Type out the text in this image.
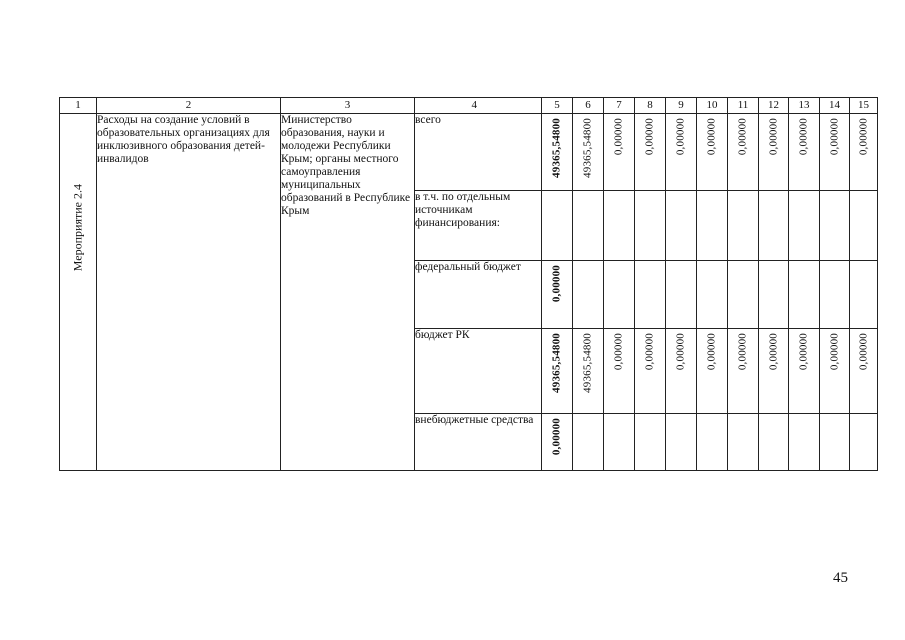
1	2	3	4	5	6	7	8	9	10	11	12	13	14	15

Мероприятие 2.4	Расходы на создание условий в образовательных организациях для инклюзивного образования детей-инвалидов	Министерство образования, науки и молодежи Республики Крым; органы местного самоуправления муниципальных образований в Республике Крым	всего	49365,54800	49365,54800	0,00000	0,00000	0,00000	0,00000	0,00000	0,00000	0,00000	0,00000	0,00000

			в т.ч. по отдельным источникам финансирования:											
			федеральный бюджет	0,00000										

			бюджет РК	49365,54800	49365,54800	0,00000	0,00000	0,00000	0,00000	0,00000	0,00000	0,00000	0,00000	0,00000

			внебюджетные средства	0,00000										

45
